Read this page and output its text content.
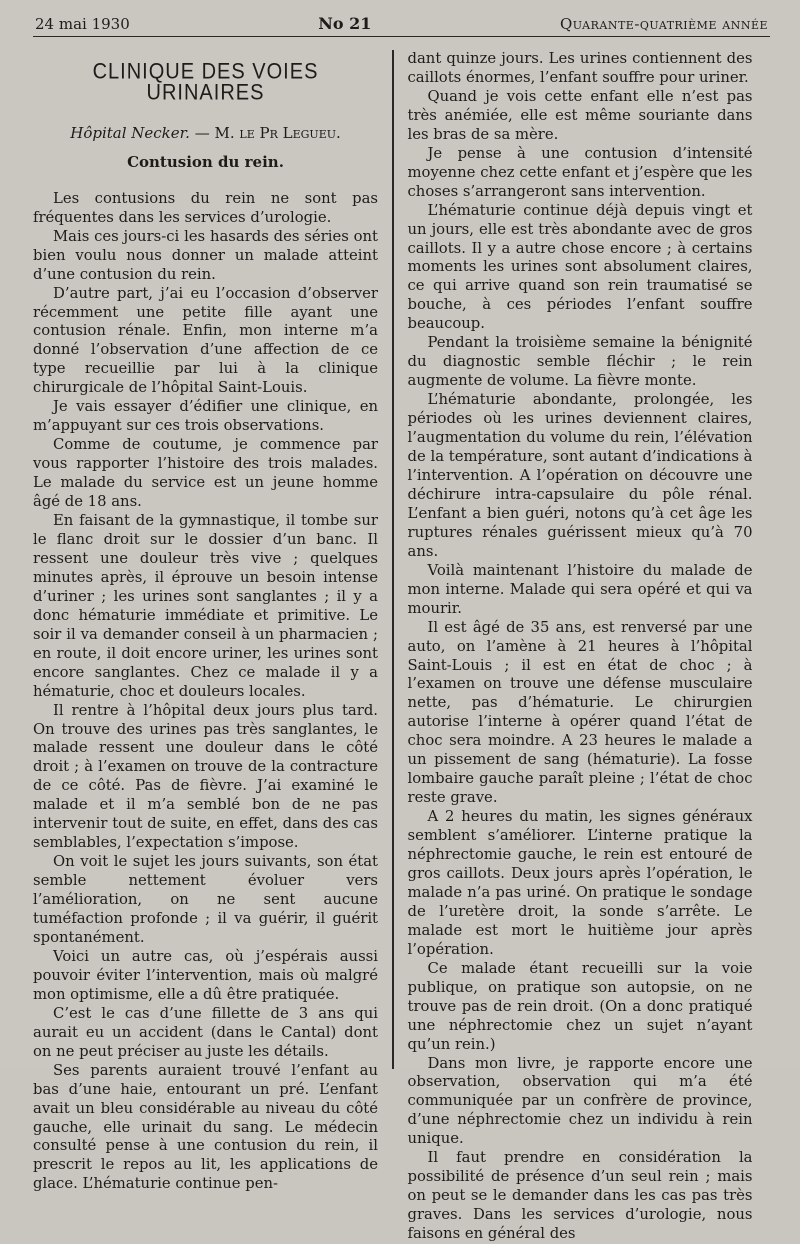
24 mai 1930	No 21	Quarante-quatrième année
CLINIQUE DES VOIES URINAIRES
Hôpital Necker. — M. le Pr Legueu.
Contusion du rein.

Les contusions du rein ne sont pas fréquentes dans les services d’urologie.

Mais ces jours-ci les hasards des séries ont bien voulu nous donner un malade atteint d’une contusion du rein.

D’autre part, j’ai eu l’occasion d’observer récemment une petite fille ayant une contusion rénale. Enfin, mon interne m’a donné l’observation d’une affection de ce type recueillie par lui à la clinique chirurgicale de l’hôpital Saint-Louis.

Je vais essayer d’édifier une clinique, en m’appuyant sur ces trois observations.

Comme de coutume, je commence par vous rapporter l’histoire des trois malades. Le malade du service est un jeune homme âgé de 18 ans.

En faisant de la gymnastique, il tombe sur le flanc droit sur le dossier d’un banc. Il ressent une douleur très vive ; quelques minutes après, il éprouve un besoin intense d’uriner ; les urines sont sanglantes ; il y a donc hématurie immédiate et primitive. Le soir il va demander conseil à un pharmacien ; en route, il doit encore uriner, les urines sont encore sanglantes. Chez ce malade il y a hématurie, choc et douleurs locales.

Il rentre à l’hôpital deux jours plus tard. On trouve des urines pas très sanglantes, le malade ressent une douleur dans le côté droit ; à l’examen on trouve de la contracture de ce côté. Pas de fièvre. J’ai examiné le malade et il m’a semblé bon de ne pas intervenir tout de suite, en effet, dans des cas semblables, l’expectation s’impose.

On voit le sujet les jours suivants, son état semble nettement évoluer vers l’amélioration, on ne sent aucune tuméfaction profonde ; il va guérir, il guérit spontanément.

Voici un autre cas, où j’espérais aussi pouvoir éviter l’intervention, mais où malgré mon optimisme, elle a dû être pratiquée.

C’est le cas d’une fillette de 3 ans qui aurait eu un accident (dans le Cantal) dont on ne peut préciser au juste les détails.

Ses parents auraient trouvé l’enfant au bas d’une haie, entourant un pré. L’enfant avait un bleu considérable au niveau du côté gauche, elle urinait du sang. Le médecin consulté pense à une contusion du rein, il prescrit le repos au lit, les applications de glace. L’hématurie continue pen-

dant quinze jours. Les urines contiennent des caillots énormes, l’enfant souffre pour uriner.

Quand je vois cette enfant elle n’est pas très anémiée, elle est même souriante dans les bras de sa mère.

Je pense à une contusion d’intensité moyenne chez cette enfant et j’espère que les choses s’arrangeront sans intervention.

L’hématurie continue déjà depuis vingt et un jours, elle est très abondante avec de gros caillots. Il y a autre chose encore ; à certains moments les urines sont absolument claires, ce qui arrive quand son rein traumatisé se bouche, à ces périodes l’enfant souffre beaucoup.

Pendant la troisième semaine la bénignité du diagnostic semble fléchir ; le rein augmente de volume. La fièvre monte.

L’hématurie abondante, prolongée, les périodes où les urines deviennent claires, l’augmentation du volume du rein, l’élévation de la température, sont autant d’indications à l’intervention. A l’opération on découvre une déchirure intra-capsulaire du pôle rénal. L’enfant a bien guéri, notons qu’à cet âge les ruptures rénales guérissent mieux qu’à 70 ans.

Voilà maintenant l’histoire du malade de mon interne. Malade qui sera opéré et qui va mourir.

Il est âgé de 35 ans, est renversé par une auto, on l’amène à 21 heures à l’hôpital Saint-Louis ; il est en état de choc ; à l’examen on trouve une défense musculaire nette, pas d’hématurie. Le chirurgien autorise l’interne à opérer quand l’état de choc sera moindre. A 23 heures le malade a un pissement de sang (hématurie). La fosse lombaire gauche paraît pleine ; l’état de choc reste grave.

A 2 heures du matin, les signes généraux semblent s’améliorer. L’interne pratique la néphrectomie gauche, le rein est entouré de gros caillots. Deux jours après l’opération, le malade n’a pas uriné. On pratique le sondage de l’uretère droit, la sonde s’arrête. Le malade est mort le huitième jour après l’opération.

Ce malade étant recueilli sur la voie publique, on pratique son autopsie, on ne trouve pas de rein droit. (On a donc pratiqué une néphrectomie chez un sujet n’ayant qu’un rein.)

Dans mon livre, je rapporte encore une observation, observation qui m’a été communiquée par un confrère de province, d’une néphrectomie chez un individu à rein unique.

Il faut prendre en considération la possibilité de présence d’un seul rein ; mais on peut se le demander dans les cas pas très graves. Dans les services d’urologie, nous faisons en général des
